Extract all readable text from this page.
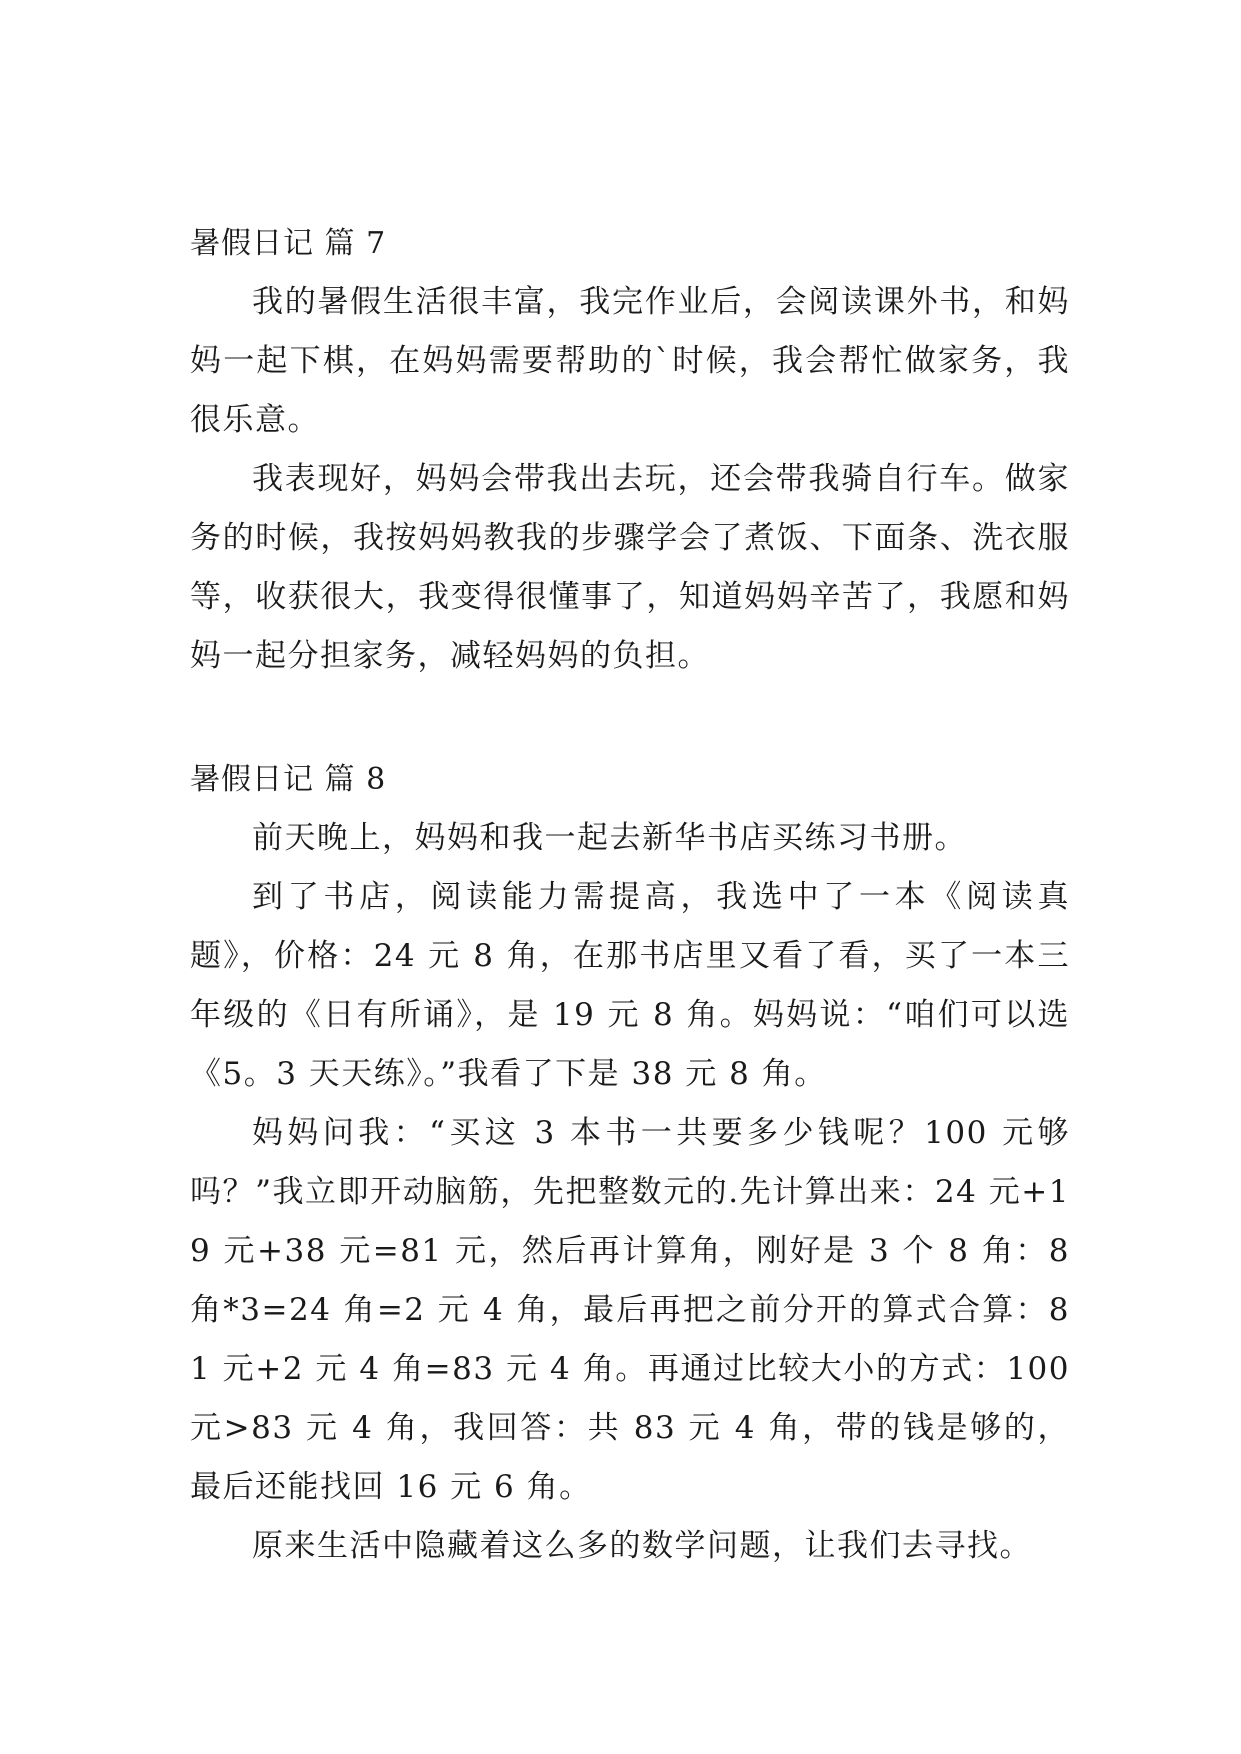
暑假日记 篇 7

我的暑假生活很丰富，我完作业后，会阅读课外书，和妈妈一起下棋，在妈妈需要帮助的`时候，我会帮忙做家务，我很乐意。

我表现好，妈妈会带我出去玩，还会带我骑自行车。做家务的时候，我按妈妈教我的步骤学会了煮饭、下面条、洗衣服等，收获很大，我变得很懂事了，知道妈妈辛苦了，我愿和妈妈一起分担家务，减轻妈妈的负担。

暑假日记 篇 8

前天晚上，妈妈和我一起去新华书店买练习书册。

到了书店，阅读能力需提高，我选中了一本《阅读真题》，价格：24 元 8 角，在那书店里又看了看，买了一本三年级的《日有所诵》，是 19 元 8 角。妈妈说：“咱们可以选《5。3 天天练》。”我看了下是 38 元 8 角。

妈妈问我：“买这 3 本书一共要多少钱呢？100 元够吗？”我立即开动脑筋，先把整数元的.先计算出来：24 元+19 元+38 元=81 元，然后再计算角，刚好是 3 个 8 角：8 角*3=24 角=2 元 4 角，最后再把之前分开的算式合算：81 元+2 元 4 角=83 元 4 角。再通过比较大小的方式：100 元>83 元 4 角，我回答：共 83 元 4 角，带的钱是够的，最后还能找回 16 元 6 角。

原来生活中隐藏着这么多的数学问题，让我们去寻找。
